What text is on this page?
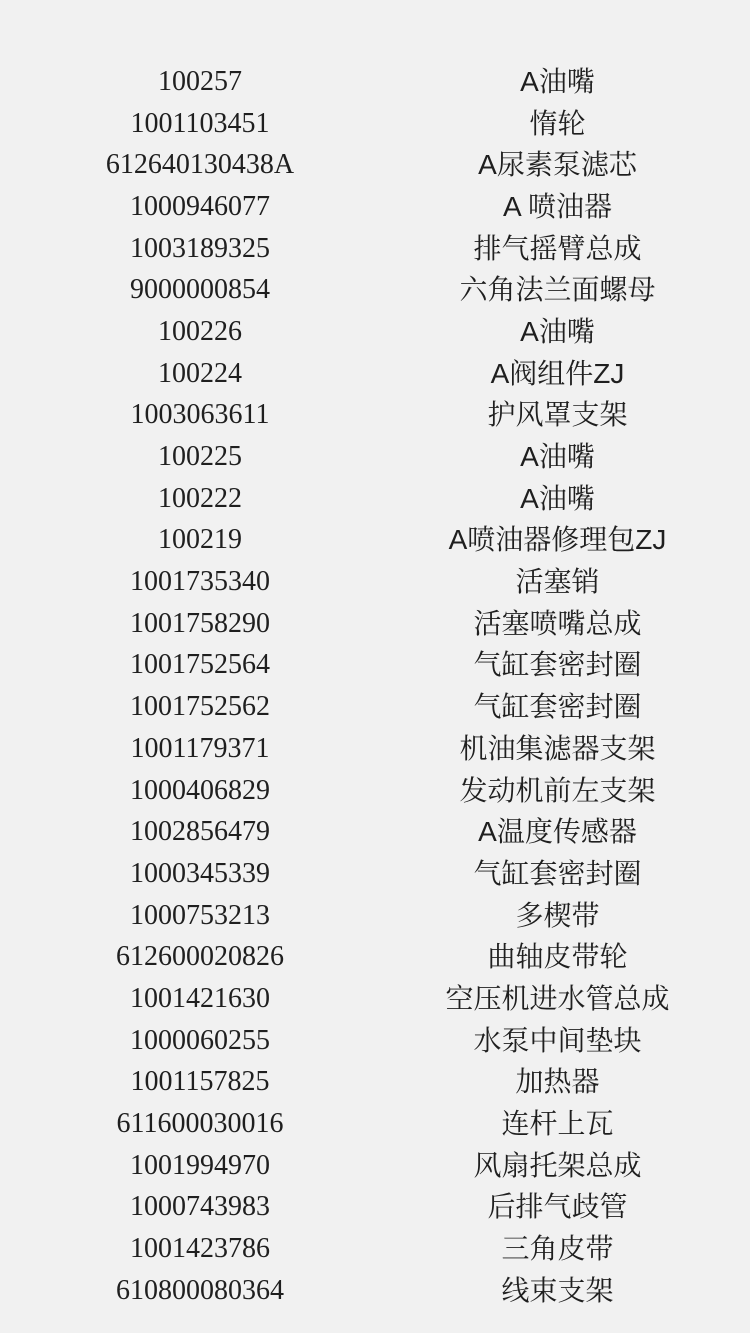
100257	A油嘴
1001103451	惰轮
612640130438A	A尿素泵滤芯
1000946077	A 喷油器
1003189325	排气摇臂总成
9000000854	六角法兰面螺母
100226	A油嘴
100224	A阀组件ZJ
1003063611	护风罩支架
100225	A油嘴
100222	A油嘴
100219	A喷油器修理包ZJ
1001735340	活塞销
1001758290	活塞喷嘴总成
1001752564	气缸套密封圈
1001752562	气缸套密封圈
1001179371	机油集滤器支架
1000406829	发动机前左支架
1002856479	A温度传感器
1000345339	气缸套密封圈
1000753213	多楔带
612600020826	曲轴皮带轮
1001421630	空压机进水管总成
1000060255	水泵中间垫块
1001157825	加热器
611600030016	连杆上瓦
1001994970	风扇托架总成
1000743983	后排气歧管
1001423786	三角皮带
610800080364	线束支架
